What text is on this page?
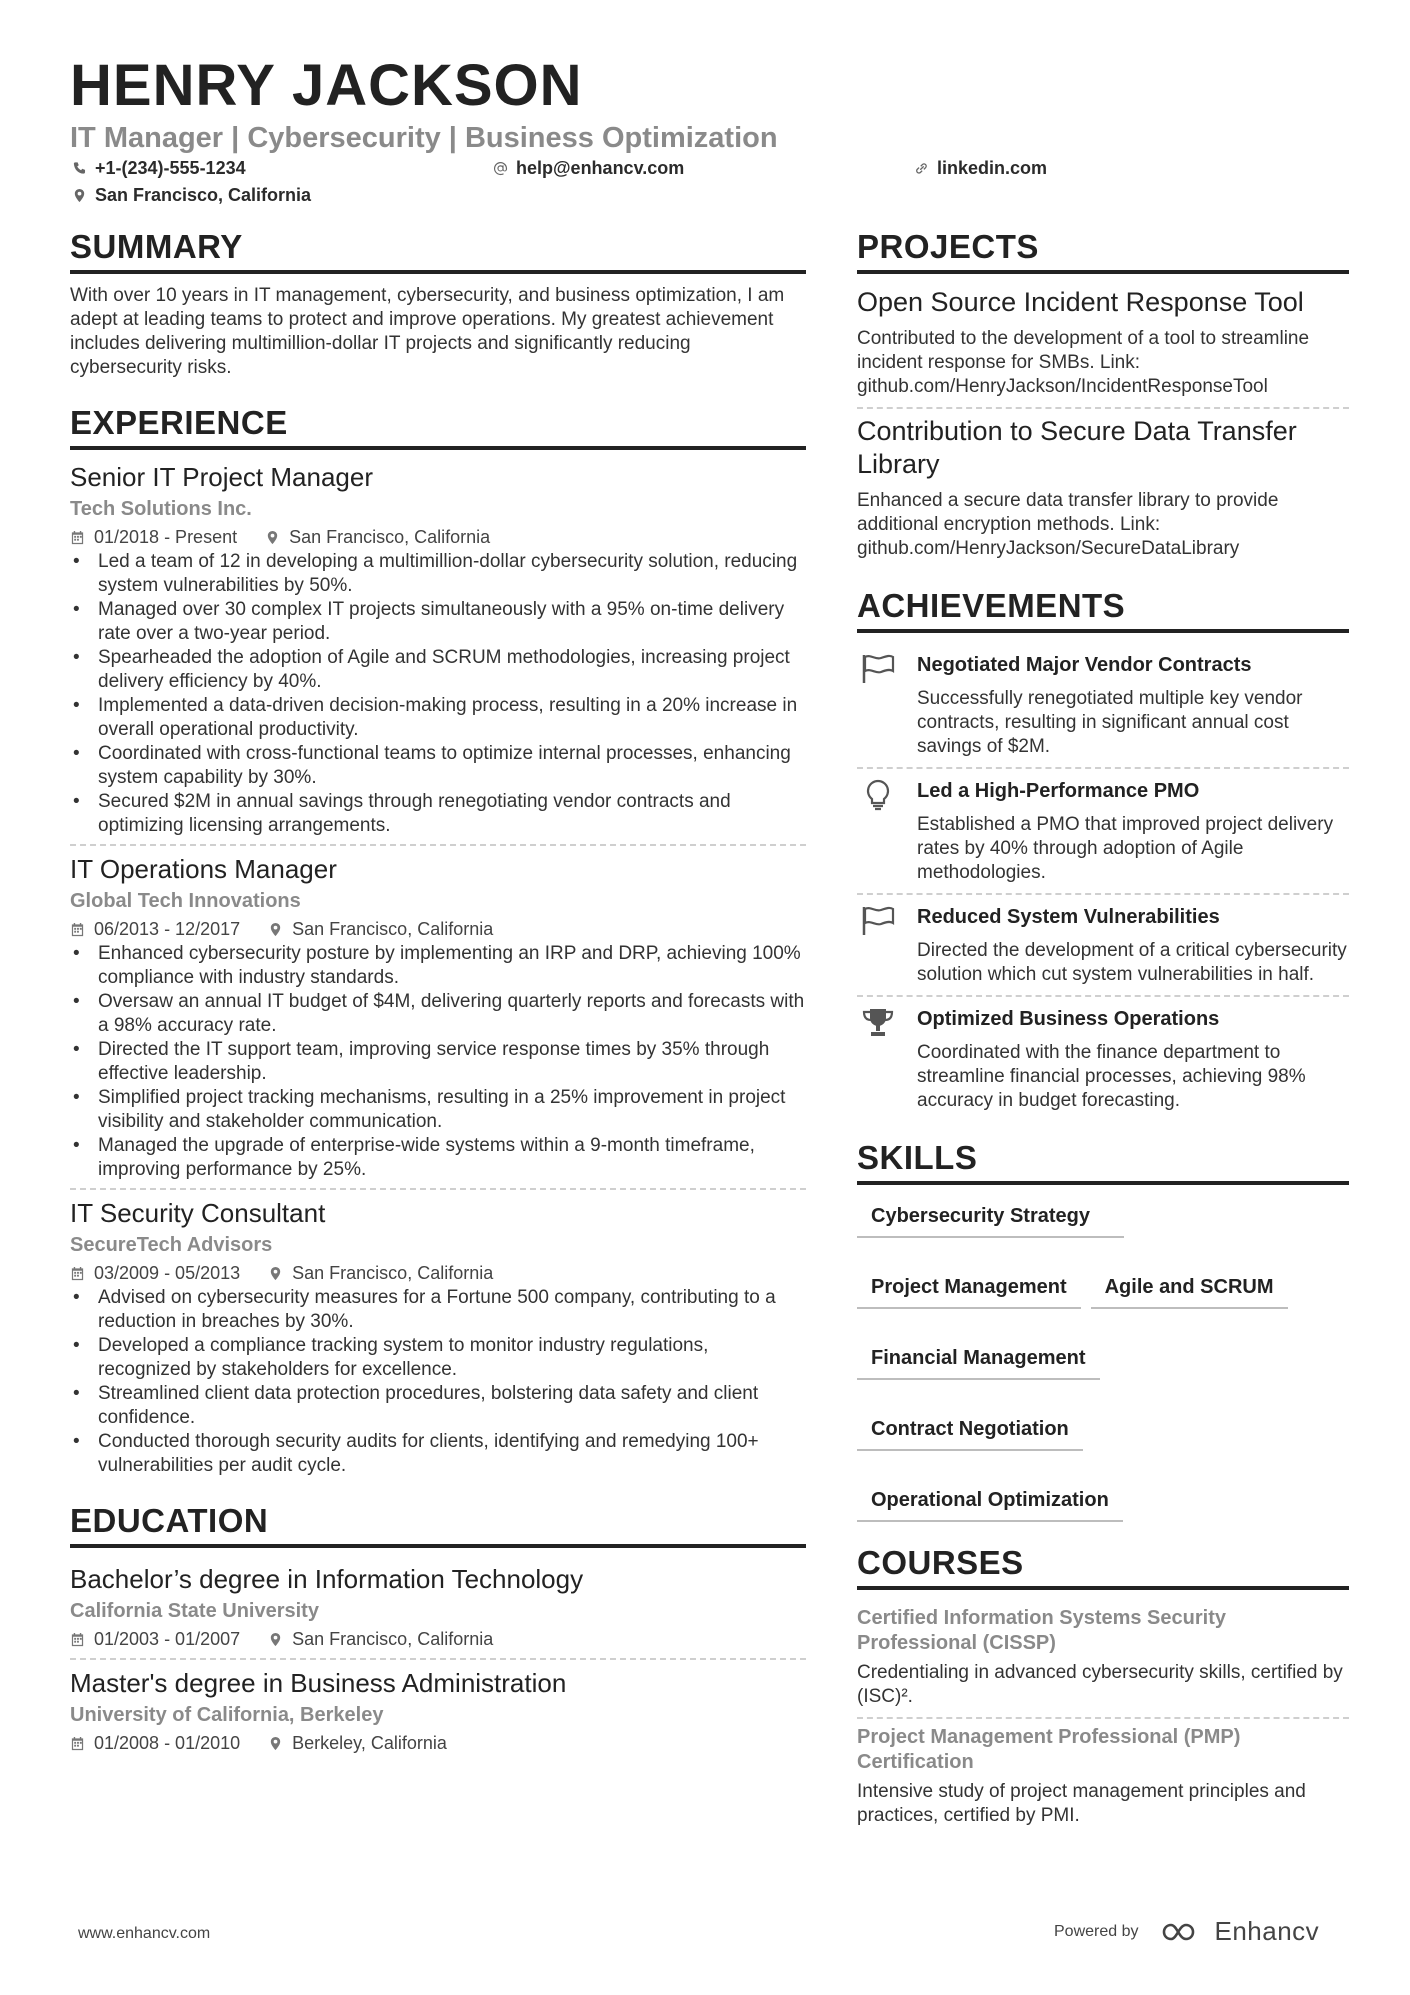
HENRY JACKSON
IT Manager | Cybersecurity | Business Optimization
+1-(234)-555-1234	help@enhancv.com	linkedin.com
San Francisco, California
SUMMARY
With over 10 years in IT management, cybersecurity, and business optimization, I am adept at leading teams to protect and improve operations. My greatest achievement includes delivering multimillion-dollar IT projects and significantly reducing cybersecurity risks.
EXPERIENCE
Senior IT Project Manager
Tech Solutions Inc.
01/2018 - Present	San Francisco, California
• Led a team of 12 in developing a multimillion-dollar cybersecurity solution, reducing system vulnerabilities by 50%.
• Managed over 30 complex IT projects simultaneously with a 95% on-time delivery rate over a two-year period.
• Spearheaded the adoption of Agile and SCRUM methodologies, increasing project delivery efficiency by 40%.
• Implemented a data-driven decision-making process, resulting in a 20% increase in overall operational productivity.
• Coordinated with cross-functional teams to optimize internal processes, enhancing system capability by 30%.
• Secured $2M in annual savings through renegotiating vendor contracts and optimizing licensing arrangements.
IT Operations Manager
Global Tech Innovations
06/2013 - 12/2017	San Francisco, California
• Enhanced cybersecurity posture by implementing an IRP and DRP, achieving 100% compliance with industry standards.
• Oversaw an annual IT budget of $4M, delivering quarterly reports and forecasts with a 98% accuracy rate.
• Directed the IT support team, improving service response times by 35% through effective leadership.
• Simplified project tracking mechanisms, resulting in a 25% improvement in project visibility and stakeholder communication.
• Managed the upgrade of enterprise-wide systems within a 9-month timeframe, improving performance by 25%.
IT Security Consultant
SecureTech Advisors
03/2009 - 05/2013	San Francisco, California
• Advised on cybersecurity measures for a Fortune 500 company, contributing to a reduction in breaches by 30%.
• Developed a compliance tracking system to monitor industry regulations, recognized by stakeholders for excellence.
• Streamlined client data protection procedures, bolstering data safety and client confidence.
• Conducted thorough security audits for clients, identifying and remedying 100+ vulnerabilities per audit cycle.
EDUCATION
Bachelor’s degree in Information Technology
California State University
01/2003 - 01/2007	San Francisco, California
Master's degree in Business Administration
University of California, Berkeley
01/2008 - 01/2010	Berkeley, California
PROJECTS
Open Source Incident Response Tool
Contributed to the development of a tool to streamline incident response for SMBs. Link: github.com/HenryJackson/IncidentResponseTool
Contribution to Secure Data Transfer Library
Enhanced a secure data transfer library to provide additional encryption methods. Link: github.com/HenryJackson/SecureDataLibrary
ACHIEVEMENTS
Negotiated Major Vendor Contracts
Successfully renegotiated multiple key vendor contracts, resulting in significant annual cost savings of $2M.
Led a High-Performance PMO
Established a PMO that improved project delivery rates by 40% through adoption of Agile methodologies.
Reduced System Vulnerabilities
Directed the development of a critical cybersecurity solution which cut system vulnerabilities in half.
Optimized Business Operations
Coordinated with the finance department to streamline financial processes, achieving 98% accuracy in budget forecasting.
SKILLS
Cybersecurity Strategy
Project Management	Agile and SCRUM
Financial Management
Contract Negotiation
Operational Optimization
COURSES
Certified Information Systems Security Professional (CISSP)
Credentialing in advanced cybersecurity skills, certified by (ISC)².
Project Management Professional (PMP) Certification
Intensive study of project management principles and practices, certified by PMI.
www.enhancv.com	Powered by	Enhancv
